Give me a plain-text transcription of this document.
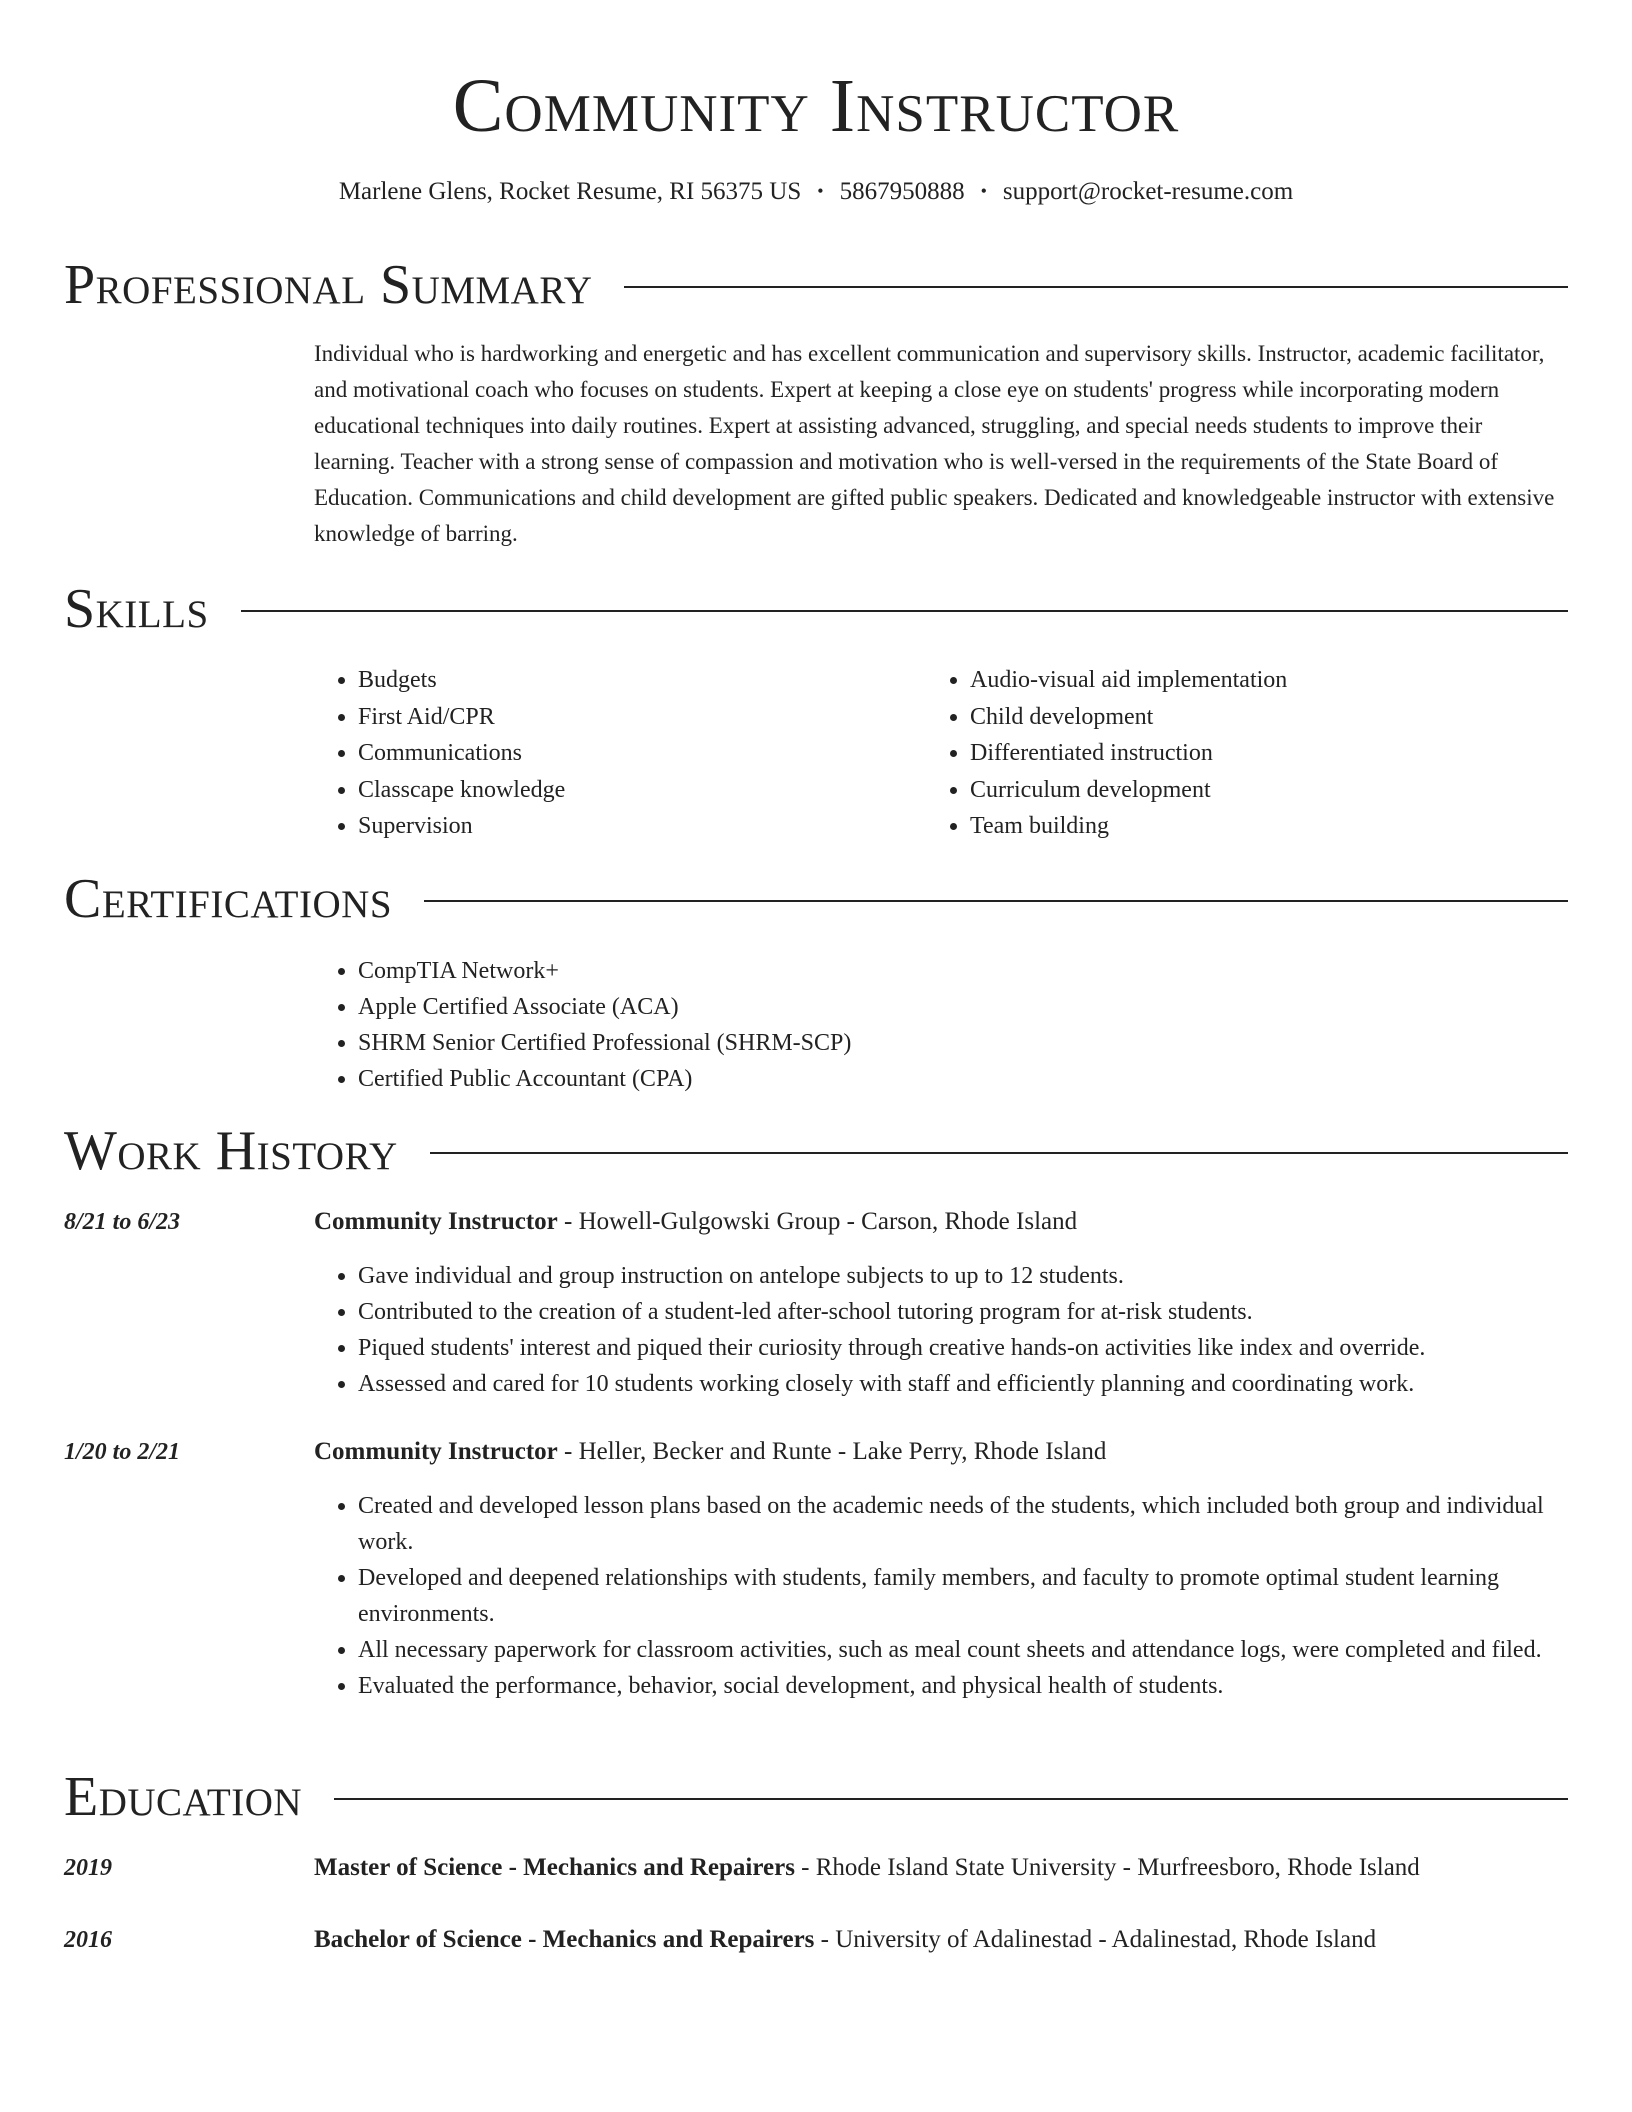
Community Instructor
Marlene Glens, Rocket Resume, RI 56375 US • 5867950888 • support@rocket-resume.com
Professional Summary
Individual who is hardworking and energetic and has excellent communication and supervisory skills. Instructor, academic facilitator, and motivational coach who focuses on students. Expert at keeping a close eye on students' progress while incorporating modern educational techniques into daily routines. Expert at assisting advanced, struggling, and special needs students to improve their learning. Teacher with a strong sense of compassion and motivation who is well-versed in the requirements of the State Board of Education. Communications and child development are gifted public speakers. Dedicated and knowledgeable instructor with extensive knowledge of barring.
Skills
• Budgets
• First Aid/CPR
• Communications
• Classcape knowledge
• Supervision
• Audio-visual aid implementation
• Child development
• Differentiated instruction
• Curriculum development
• Team building
Certifications
• CompTIA Network+
• Apple Certified Associate (ACA)
• SHRM Senior Certified Professional (SHRM-SCP)
• Certified Public Accountant (CPA)
Work History
8/21 to 6/23	Community Instructor - Howell-Gulgowski Group - Carson, Rhode Island
• Gave individual and group instruction on antelope subjects to up to 12 students.
• Contributed to the creation of a student-led after-school tutoring program for at-risk students.
• Piqued students' interest and piqued their curiosity through creative hands-on activities like index and override.
• Assessed and cared for 10 students working closely with staff and efficiently planning and coordinating work.
1/20 to 2/21	Community Instructor - Heller, Becker and Runte - Lake Perry, Rhode Island
• Created and developed lesson plans based on the academic needs of the students, which included both group and individual work.
• Developed and deepened relationships with students, family members, and faculty to promote optimal student learning environments.
• All necessary paperwork for classroom activities, such as meal count sheets and attendance logs, were completed and filed.
• Evaluated the performance, behavior, social development, and physical health of students.
Education
2019	Master of Science - Mechanics and Repairers - Rhode Island State University - Murfreesboro, Rhode Island
2016	Bachelor of Science - Mechanics and Repairers - University of Adalinestad - Adalinestad, Rhode Island
